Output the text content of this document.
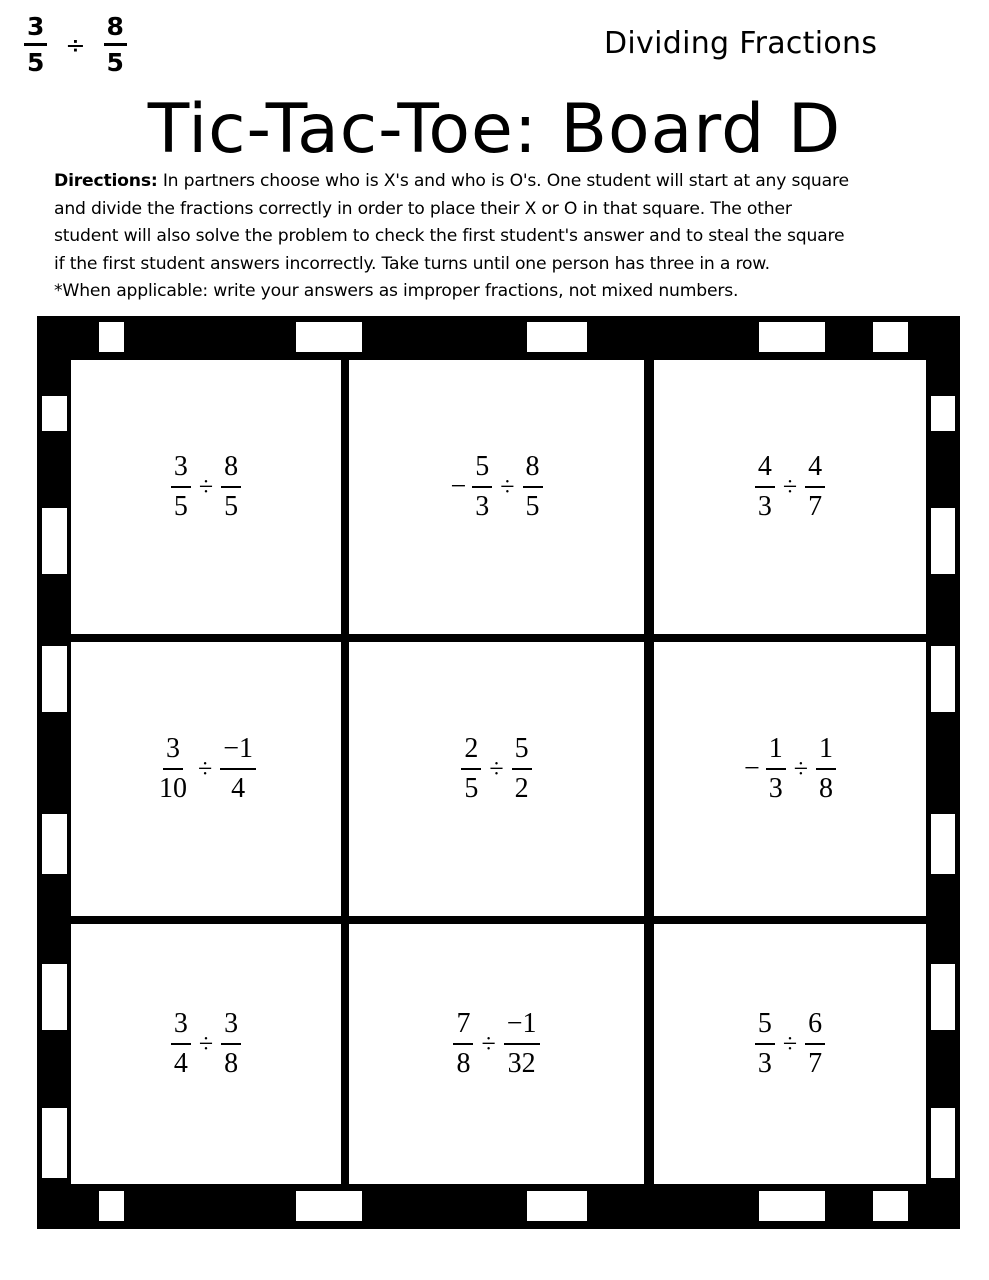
$\frac{3}{5} \div \frac{8}{5}$	Dividing Fractions
Tic-Tac-Toe: Board D
Directions: In partners choose who is X's and who is O's. One student will start at any square
and divide the fractions correctly in order to place their X or O in that square. The other
student will also solve the problem to check the first student's answer and to steal the square
if the first student answers incorrectly. Take turns until one person has three in a row.
*When applicable: write your answers as improper fractions, not mixed numbers.
$\frac{3}{5} \div \frac{8}{5}$	− $\frac{5}{3} \div \frac{8}{5}$	$\frac{4}{3} \div \frac{4}{7}$
$\frac{3}{10} \div \frac{-1}{4}$	$\frac{2}{5} \div \frac{5}{2}$	− $\frac{1}{3} \div \frac{1}{8}$
$\frac{3}{4} \div \frac{3}{8}$	$\frac{7}{8} \div \frac{-1}{32}$	$\frac{5}{3} \div \frac{6}{7}$
